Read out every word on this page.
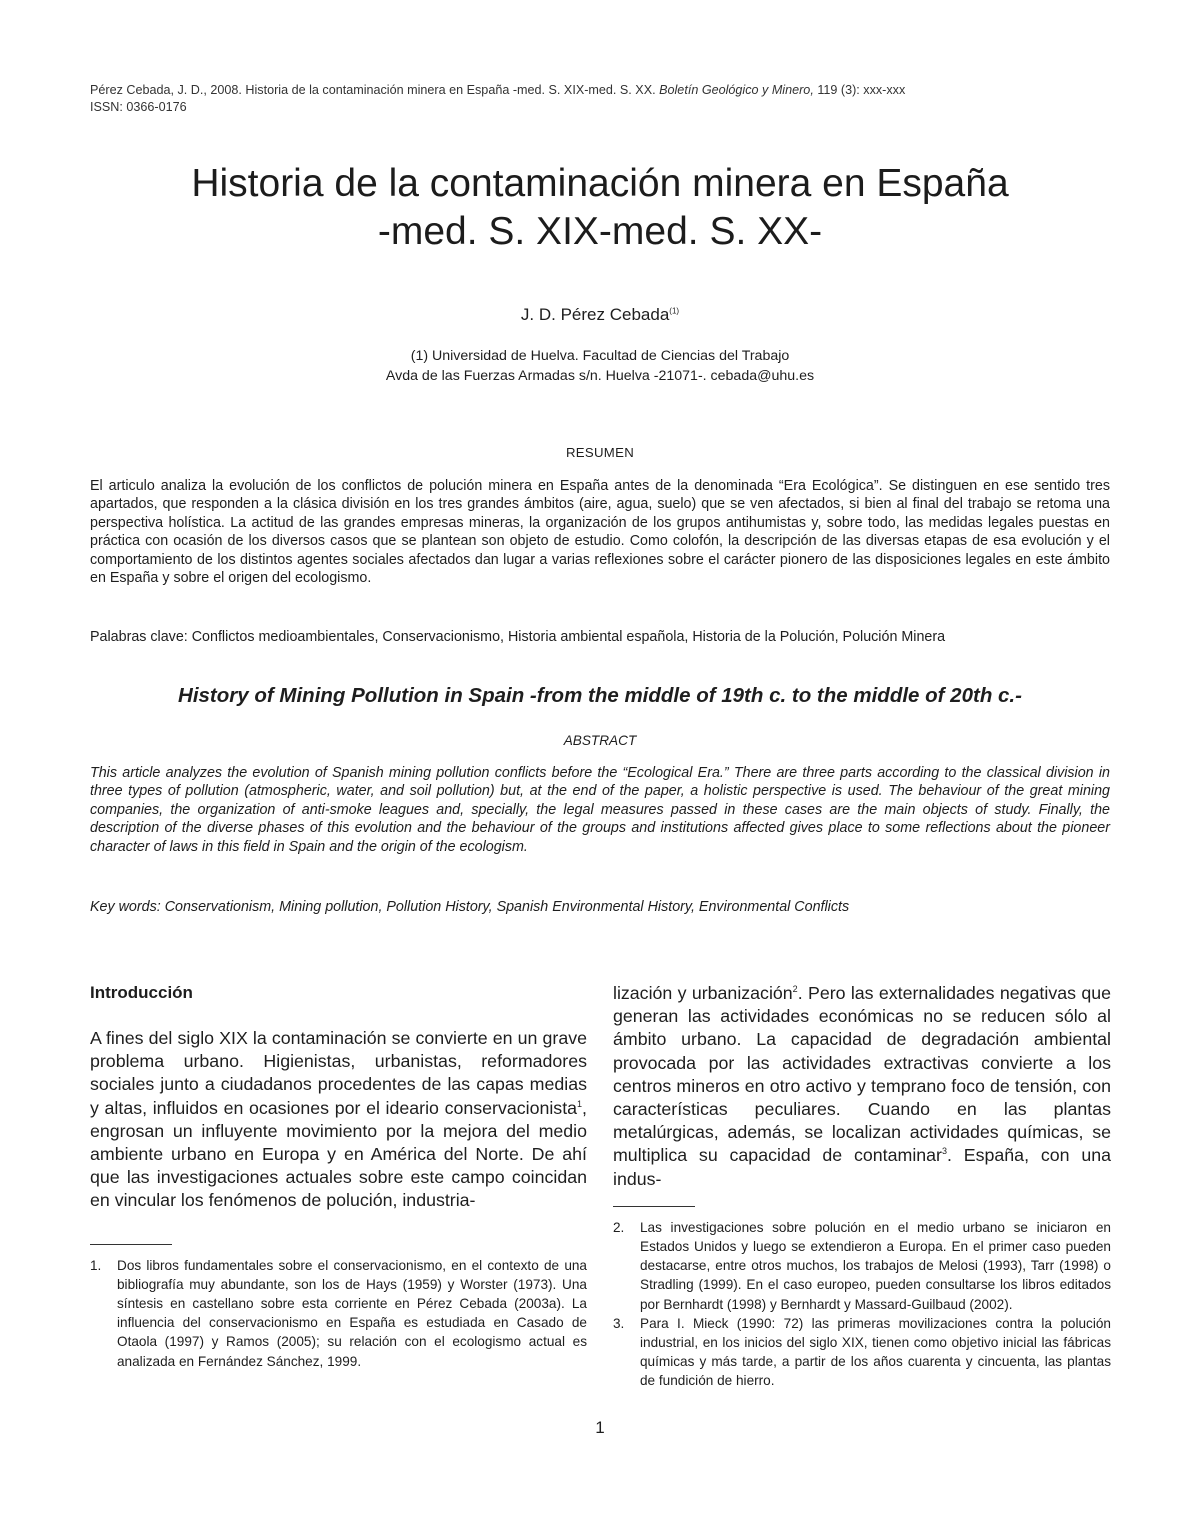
Pérez Cebada, J. D., 2008. Historia de la contaminación minera en España -med. S. XIX-med. S. XX. Boletín Geológico y Minero, 119 (3): xxx-xxx
ISSN: 0366-0176
Historia de la contaminación minera en España
-med. S. XIX-med. S. XX-
J. D. Pérez Cebada$^{(1)}$
(1) Universidad de Huelva. Facultad de Ciencias del Trabajo
Avda de las Fuerzas Armadas s/n. Huelva -21071-. cebada@uhu.es
RESUMEN

El articulo analiza la evolución de los conflictos de polución minera en España antes de la denominada “Era Ecológica”. Se distinguen en ese sentido tres apartados, que responden a la clásica división en los tres grandes ámbitos (aire, agua, suelo) que se ven afectados, si bien al final del trabajo se retoma una perspectiva holística. La actitud de las grandes empresas mineras, la organización de los grupos antihumistas y, sobre todo, las medidas legales puestas en práctica con ocasión de los diversos casos que se plantean son objeto de estudio. Como colofón, la descripción de las diversas etapas de esa evolución y el comportamiento de los distintos agentes sociales afectados dan lugar a varias reflexiones sobre el carácter pionero de las disposiciones legales en este ámbito en España y sobre el origen del ecologismo.

Palabras clave: Conflictos medioambientales, Conservacionismo, Historia ambiental española, Historia de la Polución, Polución Minera

History of Mining Pollution in Spain -from the middle of 19th c. to the middle of 20th c.-
ABSTRACT

This article analyzes the evolution of Spanish mining pollution conflicts before the “Ecological Era.” There are three parts according to the classical division in three types of pollution (atmospheric, water, and soil pollution) but, at the end of the paper, a holistic perspective is used. The behaviour of the great mining companies, the organization of anti-smoke leagues and, specially, the legal measures passed in these cases are the main objects of study. Finally, the description of the diverse phases of this evolution and the behaviour of the groups and institutions affected gives place to some reflections about the pioneer character of laws in this field in Spain and the origin of the ecologism.

Key words: Conservationism, Mining pollution, Pollution History, Spanish Environmental History, Environmental Conflicts

Introducción

A fines del siglo XIX la contaminación se convierte en un grave problema urbano. Higienistas, urbanistas, reformadores sociales junto a ciudadanos procedentes de las capas medias y altas, influidos en ocasiones por el ideario conservacionista$^1$, engrosan un influyente movimiento por la mejora del medio ambiente urbano en Europa y en América del Norte. De ahí que las investigaciones actuales sobre este campo coincidan en vincular los fenómenos de polución, industria-

1.	Dos libros fundamentales sobre el conservacionismo, en el contexto de una bibliografía muy abundante, son los de Hays (1959) y Worster (1973). Una síntesis en castellano sobre esta corriente en Pérez Cebada (2003a). La influencia del conservacionismo en España es estudiada en Casado de Otaola (1997) y Ramos (2005); su relación con el ecologismo actual es analizada en Fernández Sánchez, 1999.

lización y urbanización$^2$. Pero las externalidades negativas que generan las actividades económicas no se reducen sólo al ámbito urbano. La capacidad de degradación ambiental provocada por las actividades extractivas convierte a los centros mineros en otro activo y temprano foco de tensión, con características peculiares. Cuando en las plantas metalúrgicas, además, se localizan actividades químicas, se multiplica su capacidad de contaminar$^3$. España, con una indus-

2.	Las investigaciones sobre polución en el medio urbano se iniciaron en Estados Unidos y luego se extendieron a Europa. En el primer caso pueden destacarse, entre otros muchos, los trabajos de Melosi (1993), Tarr (1998) o Stradling (1999). En el caso europeo, pueden consultarse los libros editados por Bernhardt (1998) y Bernhardt y Massard-Guilbaud (2002).
3.	Para I. Mieck (1990: 72) las primeras movilizaciones contra la polución industrial, en los inicios del siglo XIX, tienen como objetivo inicial las fábricas químicas y más tarde, a partir de los años cuarenta y cincuenta, las plantas de fundición de hierro.
1
